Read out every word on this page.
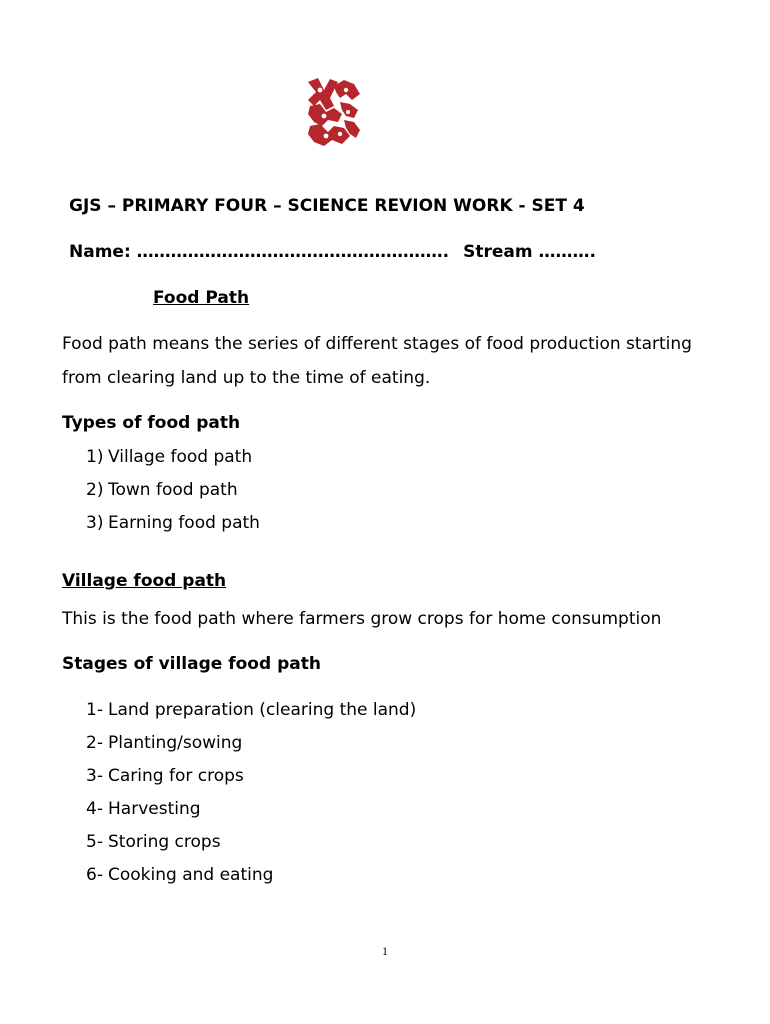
GJS – PRIMARY FOUR – SCIENCE REVION WORK - SET 4
Name: ………………………………………………. Stream ……….
Food Path
Food path means the series of different stages of food production starting
from clearing land up to the time of eating.
Types of food path
1) Village food path
2) Town food path
3) Earning food path
Village food path
This is the food path where farmers grow crops for home consumption
Stages of village food path
1- Land preparation (clearing the land)
2- Planting/sowing
3- Caring for crops
4- Harvesting
5- Storing crops
6- Cooking and eating
1
